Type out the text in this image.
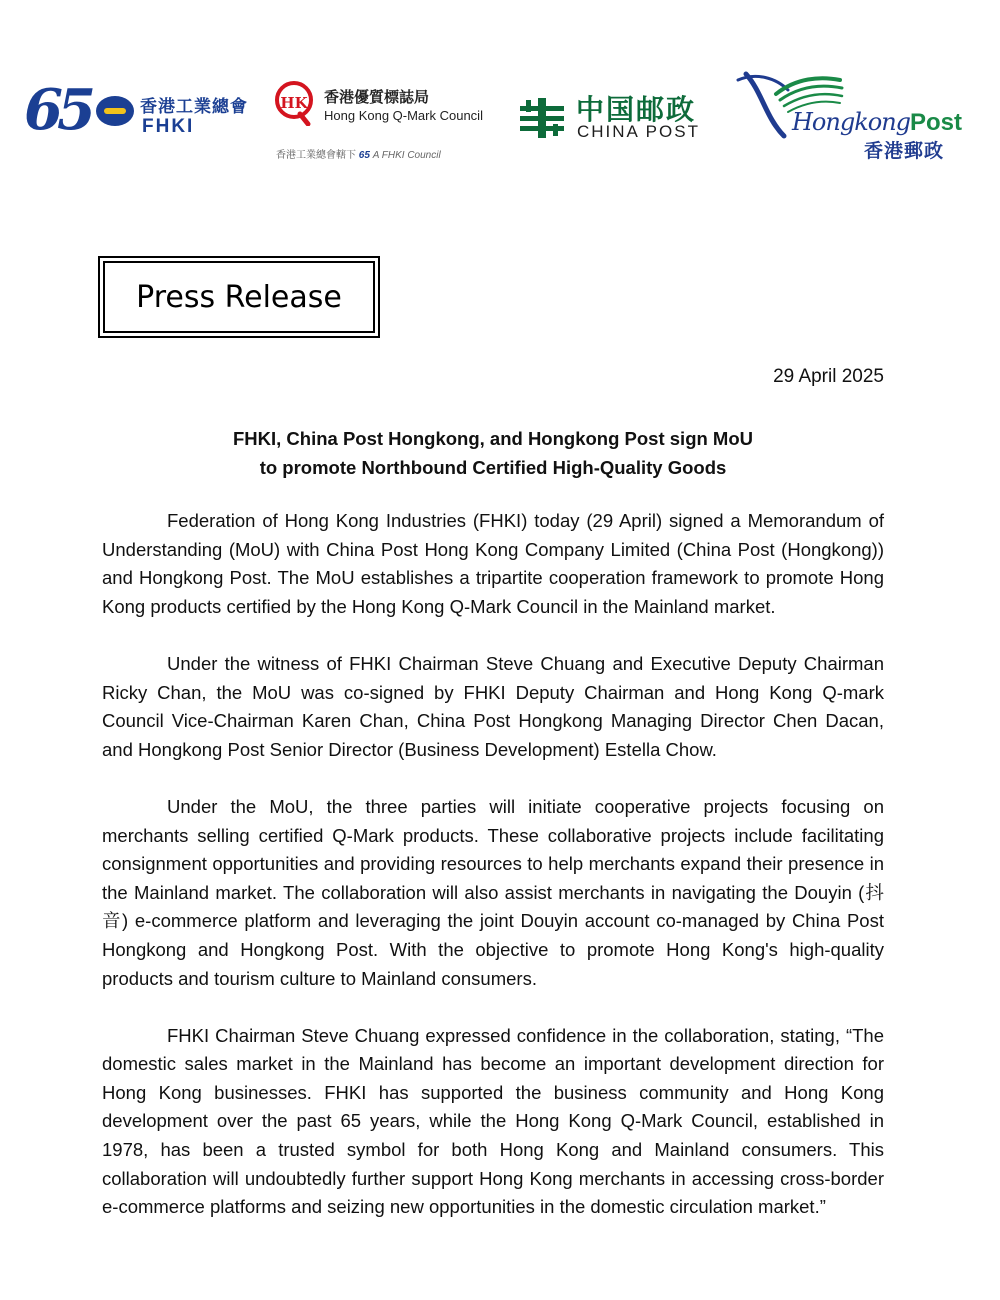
65	香港工業總會
FHKI
HK	香港優質標誌局
Hong Kong Q-Mark Council
香港工業總會轄下 65 A FHKI Council
中国邮政
CHINA POST	HongkongPost
香港郵政
Press Release
29 April 2025
FHKI, China Post Hongkong, and Hongkong Post sign MoU
to promote Northbound Certified High-Quality Goods

Federation of Hong Kong Industries (FHKI) today (29 April) signed a Memorandum of Understanding (MoU) with China Post Hong Kong Company Limited (China Post (Hongkong)) and Hongkong Post. The MoU establishes a tripartite cooperation framework to promote Hong Kong products certified by the Hong Kong Q-Mark Council in the Mainland market.

Under the witness of FHKI Chairman Steve Chuang and Executive Deputy Chairman Ricky Chan, the MoU was co-signed by FHKI Deputy Chairman and Hong Kong Q-mark Council Vice-Chairman Karen Chan, China Post Hongkong Managing Director Chen Dacan, and Hongkong Post Senior Director (Business Development) Estella Chow.

Under the MoU, the three parties will initiate cooperative projects focusing on merchants selling certified Q-Mark products. These collaborative projects include facilitating consignment opportunities and providing resources to help merchants expand their presence in the Mainland market. The collaboration will also assist merchants in navigating the Douyin (抖音) e-commerce platform and leveraging the joint Douyin account co-managed by China Post Hongkong and Hongkong Post. With the objective to promote Hong Kong's high-quality products and tourism culture to Mainland consumers.

FHKI Chairman Steve Chuang expressed confidence in the collaboration, stating, “The domestic sales market in the Mainland has become an important development direction for Hong Kong businesses. FHKI has supported the business community and Hong Kong development over the past 65 years, while the Hong Kong Q-Mark Council, established in 1978, has been a trusted symbol for both Hong Kong and Mainland consumers. This collaboration will undoubtedly further support Hong Kong merchants in accessing cross-border e-commerce platforms and seizing new opportunities in the domestic circulation market.”
